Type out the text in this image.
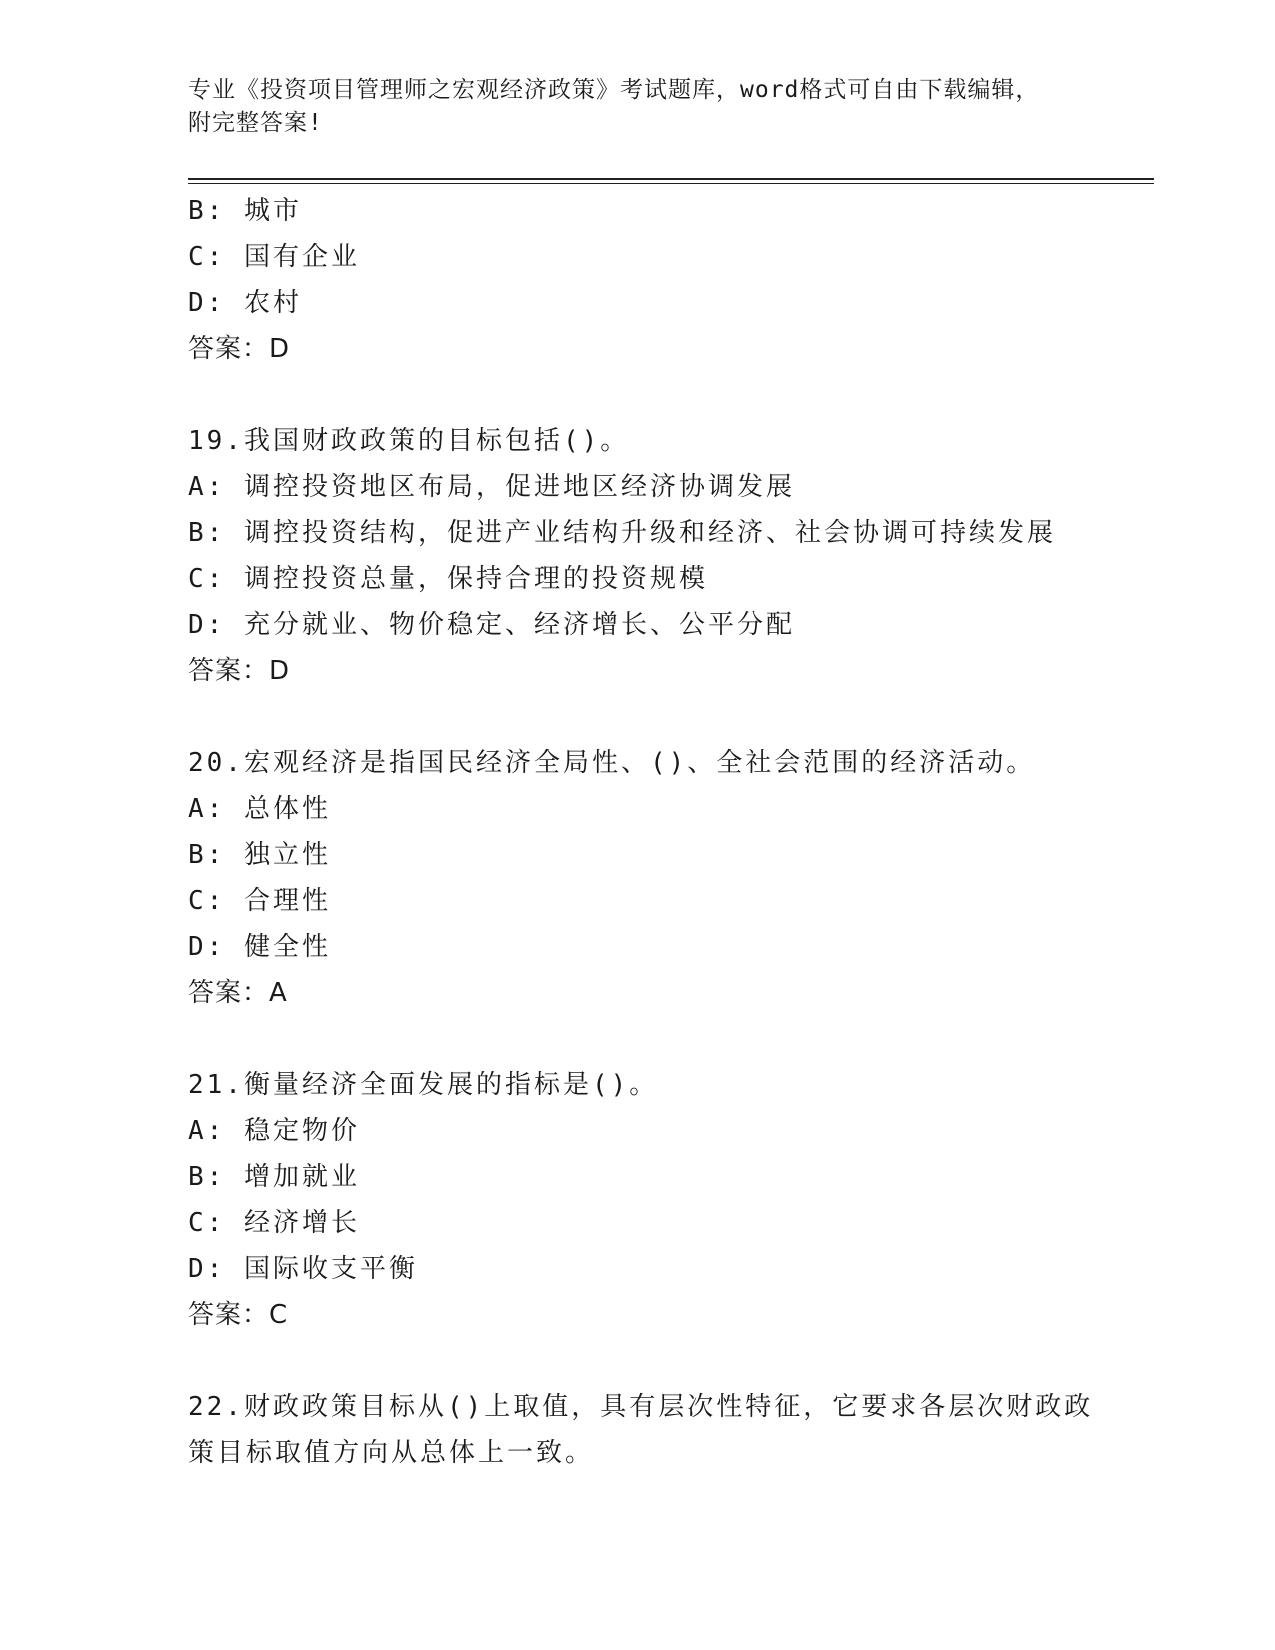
专业《投资项目管理师之宏观经济政策》考试题库，word格式可自由下载编辑，
附完整答案!
B: 城市
C: 国有企业
D: 农村
答案：D
19.我国财政政策的目标包括()。
A: 调控投资地区布局，促进地区经济协调发展
B: 调控投资结构，促进产业结构升级和经济、社会协调可持续发展
C: 调控投资总量，保持合理的投资规模
D: 充分就业、物价稳定、经济增长、公平分配
答案：D
20.宏观经济是指国民经济全局性、()、全社会范围的经济活动。
A: 总体性
B: 独立性
C: 合理性
D: 健全性
答案：A
21.衡量经济全面发展的指标是()。
A: 稳定物价
B: 增加就业
C: 经济增长
D: 国际收支平衡
答案：C
22.财政政策目标从()上取值，具有层次性特征，它要求各层次财政政
策目标取值方向从总体上一致。
